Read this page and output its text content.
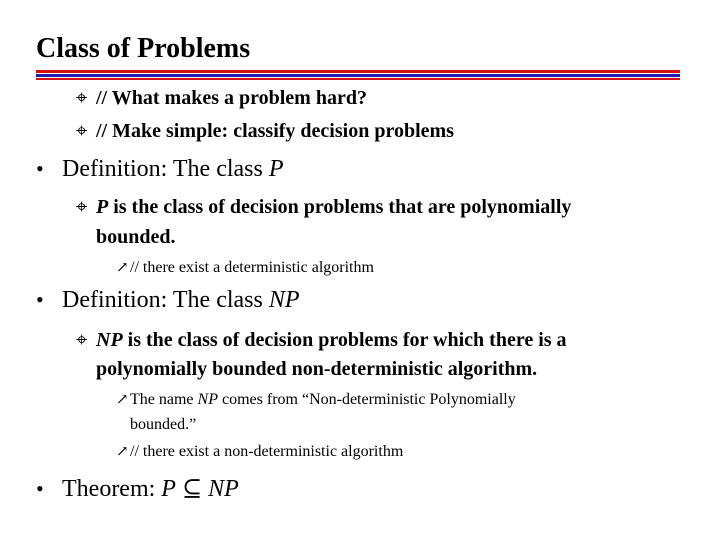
Class of Problems
⌖ // What makes a problem hard?
⌖ // Make simple: classify decision problems
• Definition: The class P
⌖ P is the class of decision problems that are polynomially
bounded.
↗// there exist a deterministic algorithm
• Definition: The class NP
⌖ NP is the class of decision problems for which there is a
polynomially bounded non-deterministic algorithm.
↗The name NP comes from “Non-deterministic Polynomially
bounded.”
↗// there exist a non-deterministic algorithm
• Theorem: P ⊆ NP
